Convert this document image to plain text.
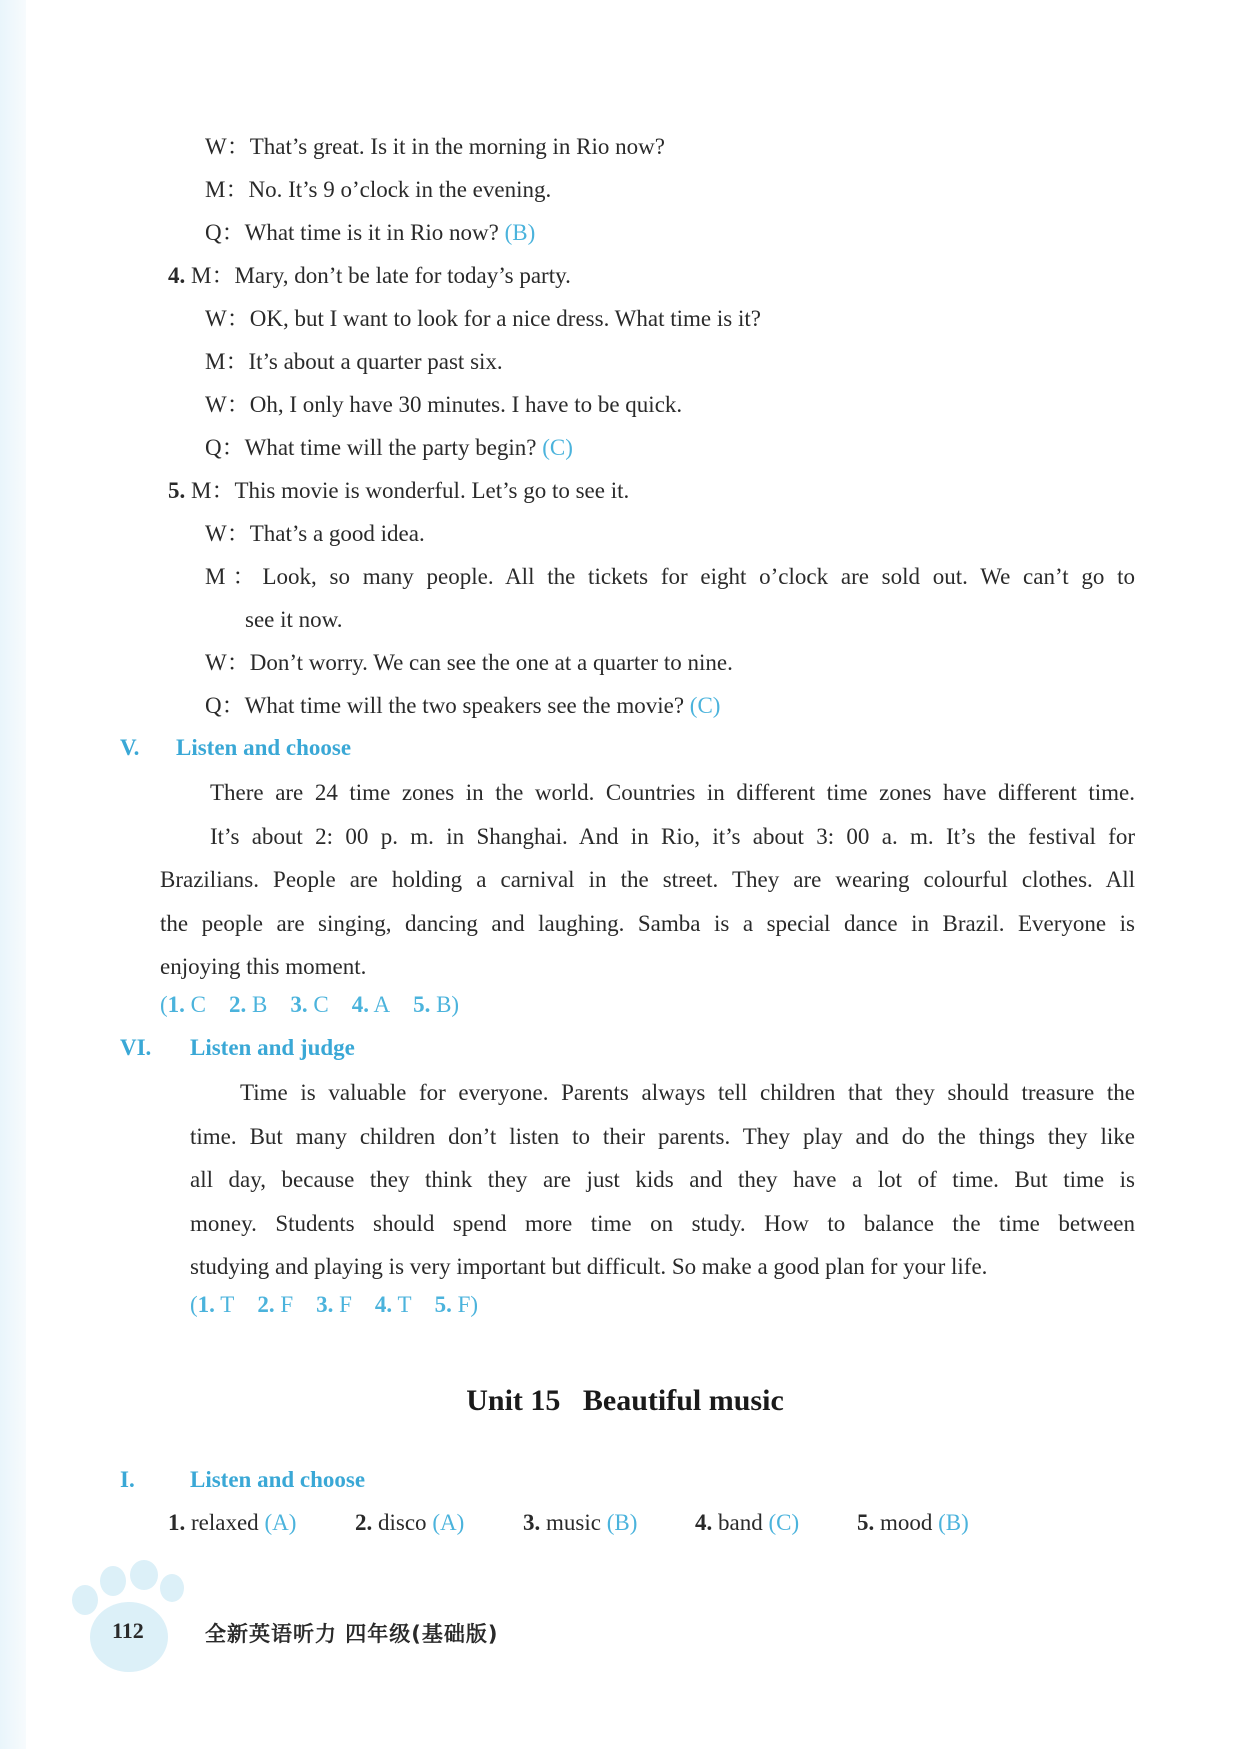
W：That’s great. Is it in the morning in Rio now?
M：No. It’s 9 o’clock in the evening.
Q：What time is it in Rio now? (B)
4. M：Mary, don’t be late for today’s party.
W：OK, but I want to look for a nice dress. What time is it?
M：It’s about a quarter past six.
W：Oh, I only have 30 minutes. I have to be quick.
Q：What time will the party begin? (C)
5. M：This movie is wonderful. Let’s go to see it.
W：That’s a good idea.
M：Look, so many people. All the tickets for eight o’clock are sold out. We can’t go to
see it now.
W：Don’t worry. We can see the one at a quarter to nine.
Q：What time will the two speakers see the movie? (C)
V. Listen and choose
There are 24 time zones in the world. Countries in different time zones have different time.
It’s about 2: 00 p. m. in Shanghai. And in Rio, it’s about 3: 00 a. m. It’s the festival for
Brazilians. People are holding a carnival in the street. They are wearing colourful clothes. All
the people are singing, dancing and laughing. Samba is a special dance in Brazil. Everyone is
enjoying this moment.
(1. C 2. B 3. C 4. A 5. B)
VI. Listen and judge
Time is valuable for everyone. Parents always tell children that they should treasure the
time. But many children don’t listen to their parents. They play and do the things they like
all day, because they think they are just kids and they have a lot of time. But time is
money. Students should spend more time on study. How to balance the time between
studying and playing is very important but difficult. So make a good plan for your life.
(1. T 2. F 3. F 4. T 5. F)
Unit 15   Beautiful music
I. Listen and choose
1. relaxed (A)	2. disco (A)	3. music (B)	4. band (C)	5. mood (B)
112	全新英语听力 四年级(基础版)
